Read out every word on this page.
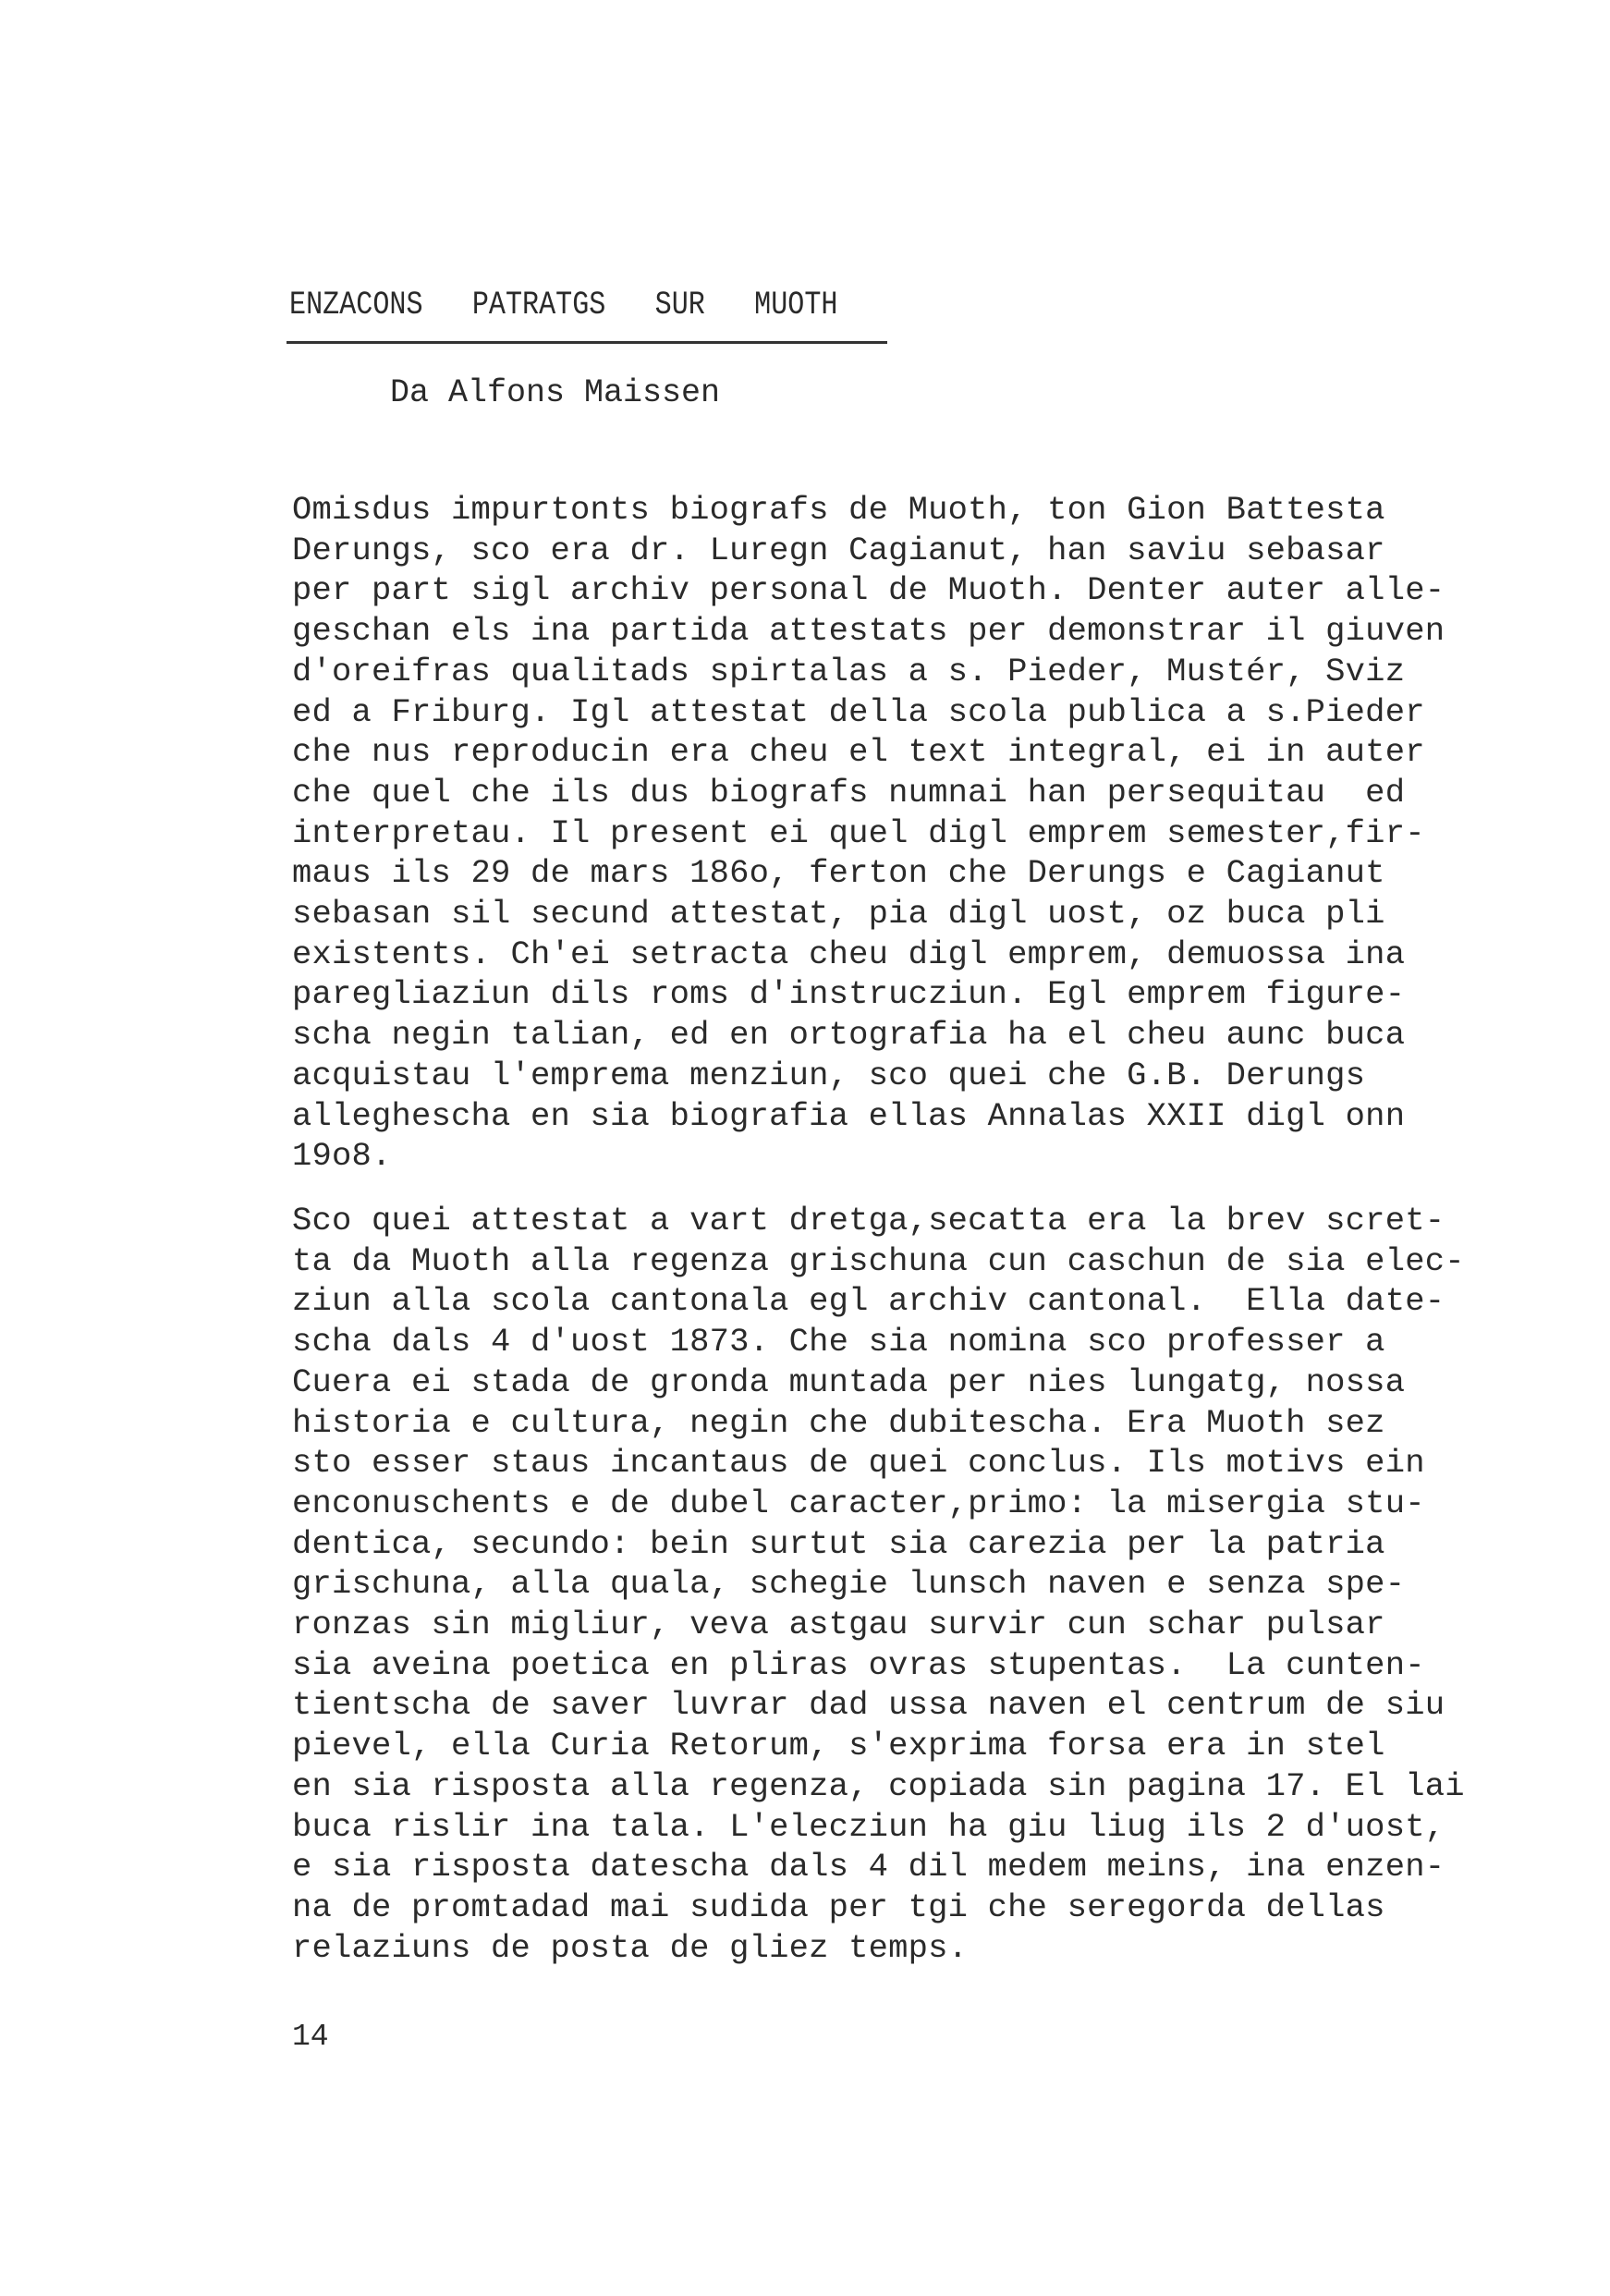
ENZACONS  PATRATGS  SUR  MUOTH

Da Alfons Maissen

Omisdus impurtonts biografs de Muoth, ton Gion Battesta
Derungs, sco era dr. Luregn Cagianut, han saviu sebasar
per part sigl archiv personal de Muoth. Denter auter alle-
geschan els ina partida attestats per demonstrar il giuven
d'oreifras qualitads spirtalas a s. Pieder, Mustér, Sviz
ed a Friburg. Igl attestat della scola publica a s.Pieder
che nus reproducin era cheu el text integral, ei in auter
che quel che ils dus biografs numnai han persequitau  ed
interpretau. Il present ei quel digl emprem semester,fir-
maus ils 29 de mars 186o, ferton che Derungs e Cagianut
sebasan sil secund attestat, pia digl uost, oz buca pli
existents. Ch'ei setracta cheu digl emprem, demuossa ina
paregliaziun dils roms d'instrucziun. Egl emprem figure-
scha negin talian, ed en ortografia ha el cheu aunc buca
acquistau l'emprema menziun, sco quei che G.B. Derungs
alleghescha en sia biografia ellas Annalas XXII digl onn
19o8.

Sco quei attestat a vart dretga,secatta era la brev scret-
ta da Muoth alla regenza grischuna cun caschun de sia elec-
ziun alla scola cantonala egl archiv cantonal.  Ella date-
scha dals 4 d'uost 1873. Che sia nomina sco professer a
Cuera ei stada de gronda muntada per nies lungatg, nossa
historia e cultura, negin che dubitescha. Era Muoth sez
sto esser staus incantaus de quei conclus. Ils motivs ein
enconuschents e de dubel caracter,primo: la misergia stu-
dentica, secundo: bein surtut sia carezia per la patria
grischuna, alla quala, schegie lunsch naven e senza spe-
ronzas sin migliur, veva astgau survir cun schar pulsar
sia aveina poetica en pliras ovras stupentas.  La cunten-
tientscha de saver luvrar dad ussa naven el centrum de siu
pievel, ella Curia Retorum, s'exprima forsa era in stel
en sia risposta alla regenza, copiada sin pagina 17. El lai
buca rislir ina tala. L'elecziun ha giu liug ils 2 d'uost,
e sia risposta datescha dals 4 dil medem meins, ina enzen-
na de promtadad mai sudida per tgi che seregorda dellas
relaziuns de posta de gliez temps.

14
